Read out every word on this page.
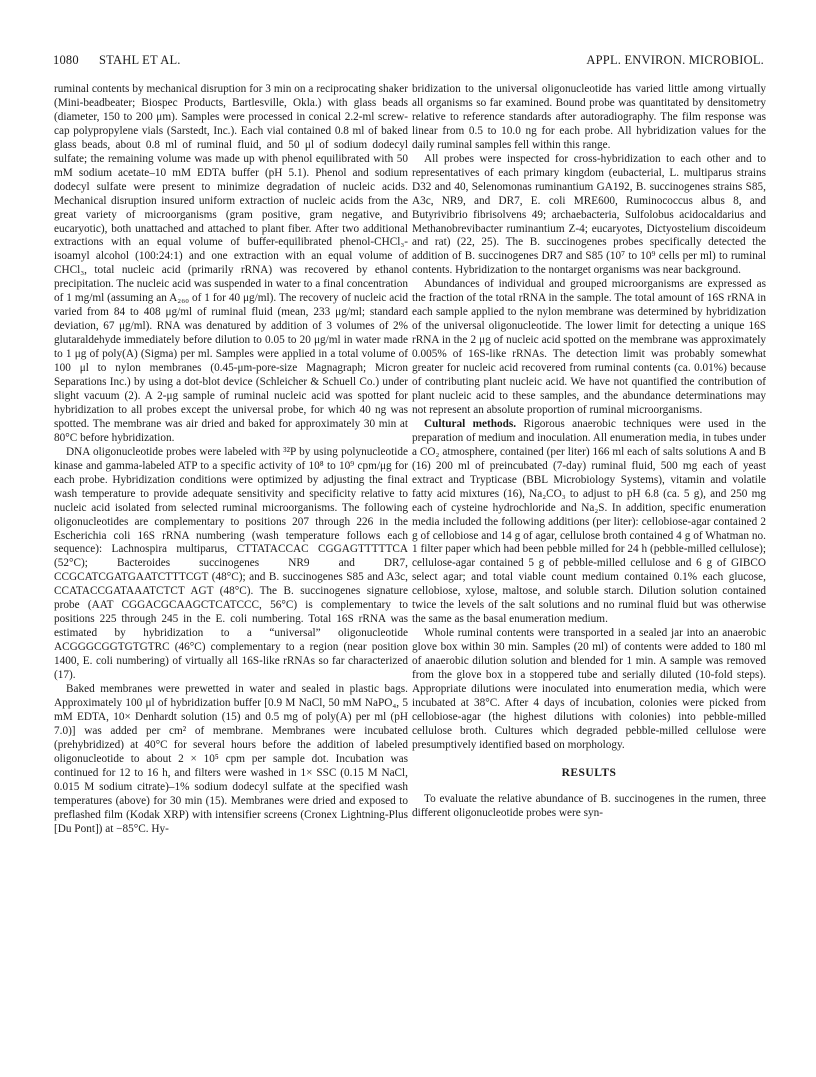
1080 STAHL ET AL.	APPL. ENVIRON. MICROBIOL.

ruminal contents by mechanical disruption for 3 min on a reciprocating shaker (Mini-beadbeater; Biospec Products, Bartlesville, Okla.) with glass beads (diameter, 150 to 200 μm). Samples were processed in conical 2.2-ml screw-cap polypropylene vials (Sarstedt, Inc.). Each vial contained 0.8 ml of baked glass beads, about 0.8 ml of ruminal fluid, and 50 μl of sodium dodecyl sulfate; the remaining volume was made up with phenol equilibrated with 50 mM sodium acetate–10 mM EDTA buffer (pH 5.1). Phenol and sodium dodecyl sulfate were present to minimize degradation of nucleic acids. Mechanical disruption insured uniform extraction of nucleic acids from the great variety of microorganisms (gram positive, gram negative, and eucaryotic), both unattached and attached to plant fiber. After two additional extractions with an equal volume of buffer-equilibrated phenol-CHCl₃-isoamyl alcohol (100:24:1) and one extraction with an equal volume of CHCl₃, total nucleic acid (primarily rRNA) was recovered by ethanol precipitation. The nucleic acid was suspended in water to a final concentration of 1 mg/ml (assuming an A₂₆₀ of 1 for 40 μg/ml). The recovery of nucleic acid varied from 84 to 408 μg/ml of ruminal fluid (mean, 233 μg/ml; standard deviation, 67 μg/ml). RNA was denatured by addition of 3 volumes of 2% glutaraldehyde immediately before dilution to 0.05 to 20 μg/ml in water made to 1 μg of poly(A) (Sigma) per ml. Samples were applied in a total volume of 100 μl to nylon membranes (0.45-μm-pore-size Magnagraph; Micron Separations Inc.) by using a dot-blot device (Schleicher & Schuell Co.) under slight vacuum (2). A 2-μg sample of ruminal nucleic acid was spotted for hybridization to all probes except the universal probe, for which 40 ng was spotted. The membrane was air dried and baked for approximately 30 min at 80°C before hybridization.

DNA oligonucleotide probes were labeled with ³²P by using polynucleotide kinase and gamma-labeled ATP to a specific activity of 10⁸ to 10⁹ cpm/μg for each probe. Hybridization conditions were optimized by adjusting the final wash temperature to provide adequate sensitivity and specificity relative to nucleic acid isolated from selected ruminal microorganisms. The following oligonucleotides are complementary to positions 207 through 226 in the Escherichia coli 16S rRNA numbering (wash temperature follows each sequence): Lachnospira multiparus, CTTATACCAC CGGAGTTTTTCA (52°C); Bacteroides succinogenes NR9 and DR7, CCGCATCGATGAATCTTTCGT (48°C); and B. succinogenes S85 and A3c, CCATACCGATAAATCTCT AGT (48°C). The B. succinogenes signature probe (AAT CGGACGCAAGCTCATCCC, 56°C) is complementary to positions 225 through 245 in the E. coli numbering. Total 16S rRNA was estimated by hybridization to a “universal” oligonucleotide ACGGGCGGTGTGTRC (46°C) complementary to a region (near position 1400, E. coli numbering) of virtually all 16S-like rRNAs so far characterized (17).

Baked membranes were prewetted in water and sealed in plastic bags. Approximately 100 μl of hybridization buffer [0.9 M NaCl, 50 mM NaPO₄, 5 mM EDTA, 10× Denhardt solution (15) and 0.5 mg of poly(A) per ml (pH 7.0)] was added per cm² of membrane. Membranes were incubated (prehybridized) at 40°C for several hours before the addition of labeled oligonucleotide to about 2 × 10⁵ cpm per sample dot. Incubation was continued for 12 to 16 h, and filters were washed in 1× SSC (0.15 M NaCl, 0.015 M sodium citrate)–1% sodium dodecyl sulfate at the specified wash temperatures (above) for 30 min (15). Membranes were dried and exposed to preflashed film (Kodak XRP) with intensifier screens (Cronex Lightning-Plus [Du Pont]) at −85°C. Hy-

bridization to the universal oligonucleotide has varied little among virtually all organisms so far examined. Bound probe was quantitated by densitometry relative to reference standards after autoradiography. The film response was linear from 0.5 to 10.0 ng for each probe. All hybridization values for the daily ruminal samples fell within this range.

All probes were inspected for cross-hybridization to each other and to representatives of each primary kingdom (eubacterial, L. multiparus strains D32 and 40, Selenomonas ruminantium GA192, B. succinogenes strains S85, A3c, NR9, and DR7, E. coli MRE600, Ruminococcus albus 8, and Butyrivibrio fibrisolvens 49; archaebacteria, Sulfolobus acidocaldarius and Methanobrevibacter ruminantium Z-4; eucaryotes, Dictyostelium discoideum and rat) (22, 25). The B. succinogenes probes specifically detected the addition of B. succinogenes DR7 and S85 (10⁷ to 10⁹ cells per ml) to ruminal contents. Hybridization to the nontarget organisms was near background.

Abundances of individual and grouped microorganisms are expressed as the fraction of the total rRNA in the sample. The total amount of 16S rRNA in each sample applied to the nylon membrane was determined by hybridization of the universal oligonucleotide. The lower limit for detecting a unique 16S rRNA in the 2 μg of nucleic acid spotted on the membrane was approximately 0.005% of 16S-like rRNAs. The detection limit was probably somewhat greater for nucleic acid recovered from ruminal contents (ca. 0.01%) because of contributing plant nucleic acid. We have not quantified the contribution of plant nucleic acid to these samples, and the abundance determinations may not represent an absolute proportion of ruminal microorganisms.

Cultural methods. Rigorous anaerobic techniques were used in the preparation of medium and inoculation. All enumeration media, in tubes under a CO₂ atmosphere, contained (per liter) 166 ml each of salts solutions A and B (16) 200 ml of preincubated (7-day) ruminal fluid, 500 mg each of yeast extract and Trypticase (BBL Microbiology Systems), vitamin and volatile fatty acid mixtures (16), Na₂CO₃ to adjust to pH 6.8 (ca. 5 g), and 250 mg each of cysteine hydrochloride and Na₂S. In addition, specific enumeration media included the following additions (per liter): cellobiose-agar contained 2 g of cellobiose and 14 g of agar, cellulose broth contained 4 g of Whatman no. 1 filter paper which had been pebble milled for 24 h (pebble-milled cellulose); cellulose-agar contained 5 g of pebble-milled cellulose and 6 g of GIBCO select agar; and total viable count medium contained 0.1% each glucose, cellobiose, xylose, maltose, and soluble starch. Dilution solution contained twice the levels of the salt solutions and no ruminal fluid but was otherwise the same as the basal enumeration medium.

Whole ruminal contents were transported in a sealed jar into an anaerobic glove box within 30 min. Samples (20 ml) of contents were added to 180 ml of anaerobic dilution solution and blended for 1 min. A sample was removed from the glove box in a stoppered tube and serially diluted (10-fold steps). Appropriate dilutions were inoculated into enumeration media, which were incubated at 38°C. After 4 days of incubation, colonies were picked from cellobiose-agar (the highest dilutions with colonies) into pebble-milled cellulose broth. Cultures which degraded pebble-milled cellulose were presumptively identified based on morphology.

RESULTS

To evaluate the relative abundance of B. succinogenes in the rumen, three different oligonucleotide probes were syn-
